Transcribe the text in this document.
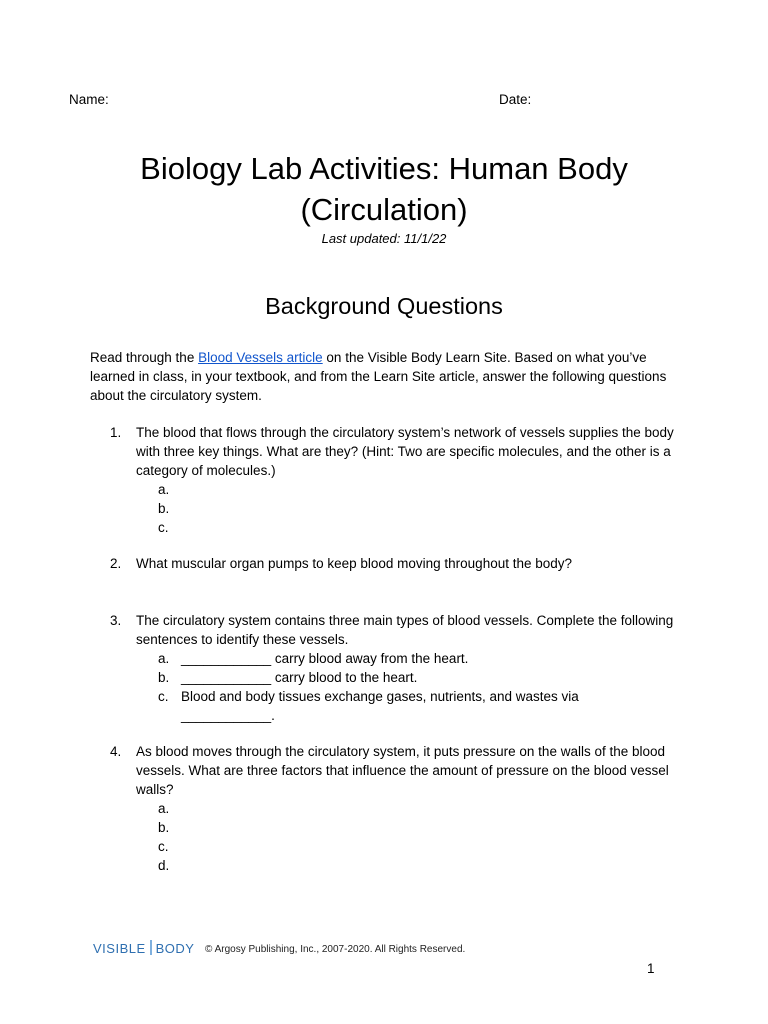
Name:	Date:
Biology Lab Activities: Human Body (Circulation)
Last updated: 11/1/22
Background Questions

Read through the Blood Vessels article on the Visible Body Learn Site. Based on what you’ve learned in class, in your textbook, and from the Learn Site article, answer the following questions about the circulatory system.

1.	The blood that flows through the circulatory system’s network of vessels supplies the body with three key things. What are they? (Hint: Two are specific molecules, and the other is a category of molecules.)
a.
b.
c.
2.	What muscular organ pumps to keep blood moving throughout the body?
3.	The circulatory system contains three main types of blood vessels. Complete the following sentences to identify these vessels.
a. ____________ carry blood away from the heart.
b. ____________ carry blood to the heart.
c. Blood and body tissues exchange gases, nutrients, and wastes via ____________.
4.	As blood moves through the circulatory system, it puts pressure on the walls of the blood vessels. What are three factors that influence the amount of pressure on the blood vessel walls?
a.
b.
c.
d.
VISIBLE BODY © Argosy Publishing, Inc., 2007-2020. All Rights Reserved.
1
